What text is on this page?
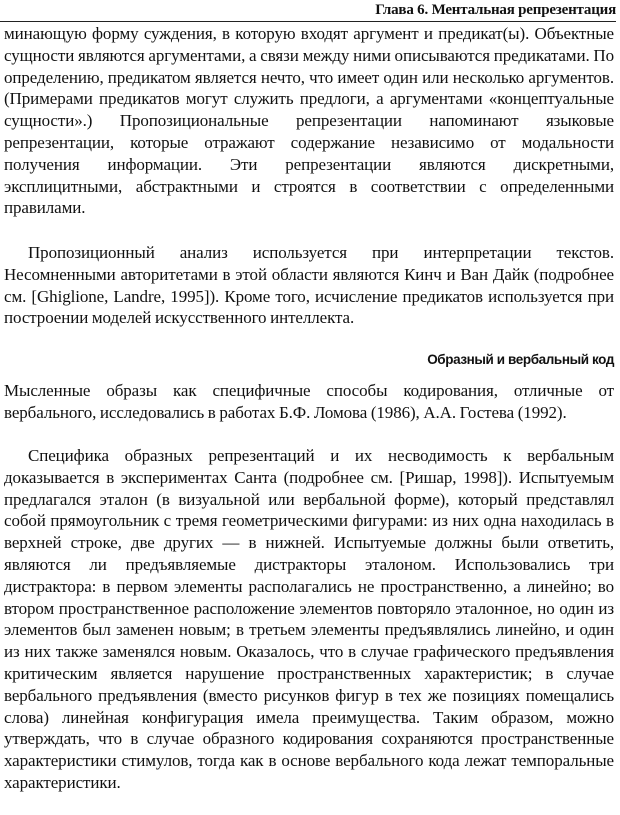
Глава 6. Ментальная репрезентация
минающую форму суждения, в которую входят аргумент и предикат(ы). Объектные сущности являются аргументами, а связи между ними описываются предикатами. По определению, предикатом является нечто, что имеет один или несколько аргументов. (Примерами предикатов могут служить предлоги, а аргументами «концептуальные сущности».) Пропозициональные репрезентации напоминают языковые репрезентации, которые отражают содержание независимо от модальности получения информации. Эти репрезентации являются дискретными, эксплицитными, абстрактными и строятся в соответствии с определенными правилами.
Пропозиционный анализ используется при интерпретации текстов. Несомненными авторитетами в этой области являются Кинч и Ван Дайк (подробнее см. [Ghiglione, Landre, 1995]). Кроме того, исчисление предикатов используется при построении моделей искусственного интеллекта.
Образный и вербальный код
Мысленные образы как специфичные способы кодирования, отличные от вербального, исследовались в работах Б.Ф. Ломова (1986), А.А. Гостева (1992).
Специфика образных репрезентаций и их несводимость к вербальным доказывается в экспериментах Санта (подробнее см. [Ришар, 1998]). Испытуемым предлагался эталон (в визуальной или вербальной форме), который представлял собой прямоугольник с тремя геометрическими фигурами: из них одна находилась в верхней строке, две других — в нижней. Испытуемые должны были ответить, являются ли предъявляемые дистракторы эталоном. Использовались три дистрактора: в первом элементы располагались не пространственно, а линейно; во втором пространственное расположение элементов повторяло эталонное, но один из элементов был заменен новым; в третьем элементы предъявлялись линейно, и один из них также заменялся новым. Оказалось, что в случае графического предъявления критическим является нарушение пространственных характеристик; в случае вербального предъявления (вместо рисунков фигур в тех же позициях помещались слова) линейная конфигурация имела преимущества. Таким образом, можно утверждать, что в случае образного кодирования сохраняются пространственные характеристики стимулов, тогда как в основе вербального кода лежат темпоральные характеристики.
